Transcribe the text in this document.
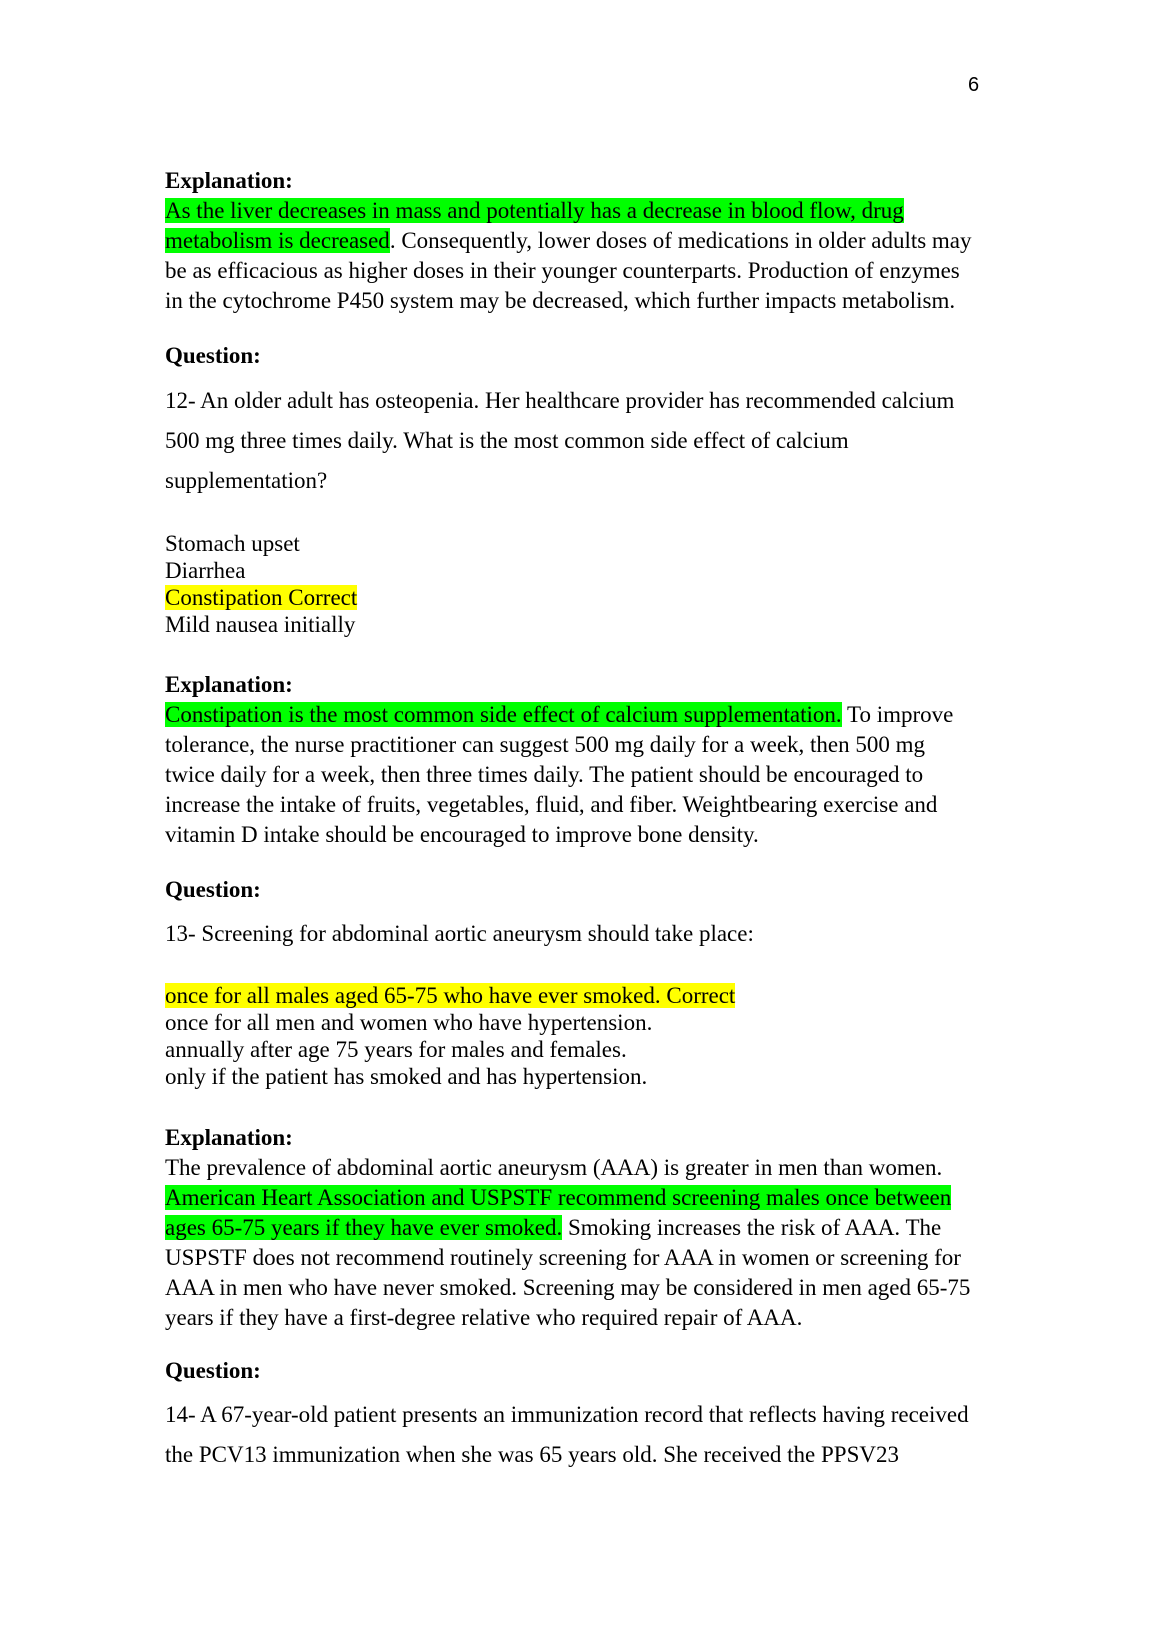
6
Explanation:
As the liver decreases in mass and potentially has a decrease in blood flow, drug
metabolism is decreased. Consequently, lower doses of medications in older adults may
be as efficacious as higher doses in their younger counterparts. Production of enzymes
in the cytochrome P450 system may be decreased, which further impacts metabolism.
Question:
12- An older adult has osteopenia. Her healthcare provider has recommended calcium
500 mg three times daily. What is the most common side effect of calcium
supplementation?
Stomach upset
Diarrhea
Constipation Correct
Mild nausea initially
Explanation:
Constipation is the most common side effect of calcium supplementation. To improve
tolerance, the nurse practitioner can suggest 500 mg daily for a week, then 500 mg
twice daily for a week, then three times daily. The patient should be encouraged to
increase the intake of fruits, vegetables, fluid, and fiber. Weightbearing exercise and
vitamin D intake should be encouraged to improve bone density.
Question:
13- Screening for abdominal aortic aneurysm should take place:
once for all males aged 65-75 who have ever smoked. Correct
once for all men and women who have hypertension.
annually after age 75 years for males and females.
only if the patient has smoked and has hypertension.
Explanation:
The prevalence of abdominal aortic aneurysm (AAA) is greater in men than women.
American Heart Association and USPSTF recommend screening males once between
ages 65-75 years if they have ever smoked. Smoking increases the risk of AAA. The
USPSTF does not recommend routinely screening for AAA in women or screening for
AAA in men who have never smoked. Screening may be considered in men aged 65-75
years if they have a first-degree relative who required repair of AAA.
Question:
14- A 67-year-old patient presents an immunization record that reflects having received
the PCV13 immunization when she was 65 years old. She received the PPSV23
